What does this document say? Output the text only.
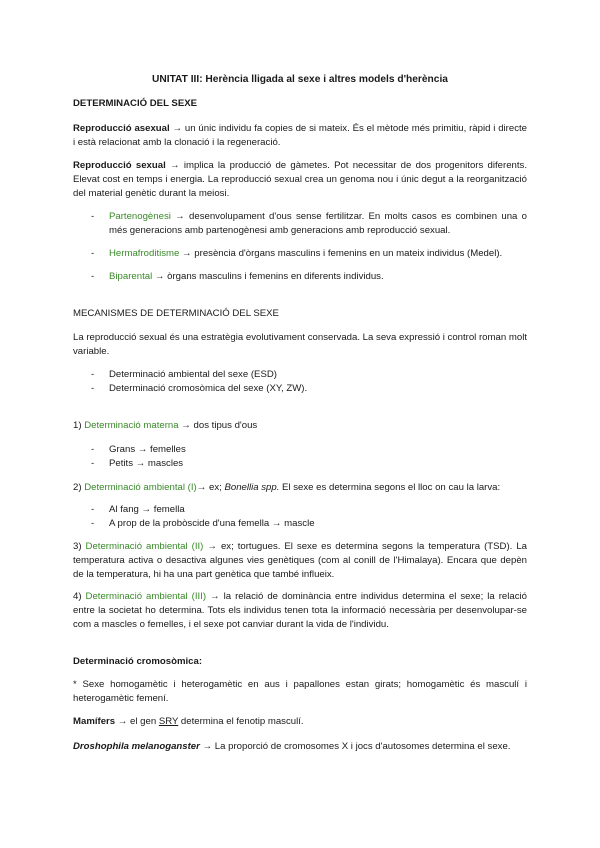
UNITAT III: Herència lligada al sexe i altres models d'herència
DETERMINACIÓ DEL SEXE
Reproducció asexual → un únic individu fa copies de si mateix. És el mètode més primitiu, ràpid i directe i està relacionat amb la clonació i la regeneració.
Reproducció sexual → implica la producció de gàmetes. Pot necessitar de dos progenitors diferents. Elevat cost en temps i energia. La reproducció sexual crea un genoma nou i únic degut a la reorganització del material genètic durant la meiosi.
- Partenogènesi → desenvolupament d'ous sense fertilitzar. En molts casos es combinen una o més generacions amb partenogènesi amb generacions amb reproducció sexual.
- Hermafroditisme → presència d'òrgans masculins i femenins en un mateix individus (Medel).
- Biparental → òrgans masculins i femenins en diferents individus.
MECANISMES DE DETERMINACIÓ DEL SEXE
La reproducció sexual és una estratègia evolutivament conservada. La seva expressió i control roman molt variable.
- Determinació ambiental del sexe (ESD)
- Determinació cromosòmica del sexe (XY, ZW).
1) Determinació materna → dos tipus d'ous
- Grans → femelles
- Petits → mascles
2) Determinació ambiental (I)→ ex; Bonellia spp. El sexe es determina segons el lloc on cau la larva:
- Al fang → femella
- A prop de la probòscide d'una femella → mascle
3) Determinació ambiental (II) → ex; tortugues. El sexe es determina segons la temperatura (TSD). La temperatura activa o desactiva algunes vies genètiques (com al conill de l'Himalaya). Encara que depèn de la temperatura, hi ha una part genètica que també influeix.
4) Determinació ambiental (III) → la relació de dominància entre individus determina el sexe; la relació entre la societat ho determina. Tots els individus tenen tota la informació necessària per desenvolupar-se com a mascles o femelles, i el sexe pot canviar durant la vida de l'individu.
Determinació cromosòmica:
* Sexe homogamètic i heterogamètic en aus i papallones estan girats; homogamètic és masculí i heterogamètic femení.
Mamífers → el gen SRY determina el fenotip masculí.
Droshophila melanoganster → La proporció de cromosomes X i jocs d'autosomes determina el sexe.
